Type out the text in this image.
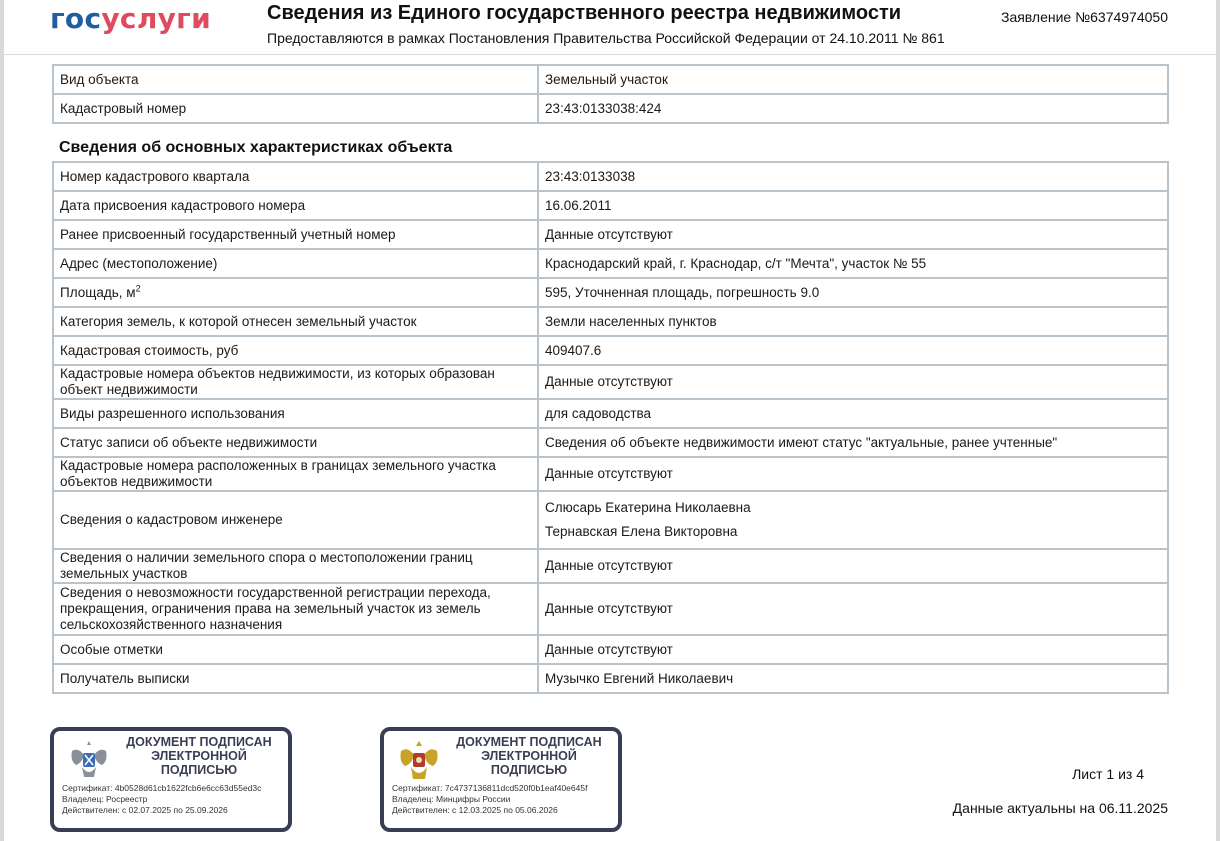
госуслуги	Сведения из Единого государственного реестра недвижимости
Предоставляются в рамках Постановления Правительства Российской Федерации от 24.10.2011 № 861
Заявление №6374974050
Вид объекта	Земельный участок
Кадастровый номер	23:43:0133038:424
Сведения об основных характеристиках объекта
Номер кадастрового квартала	23:43:0133038
Дата присвоения кадастрового номера	16.06.2011
Ранее присвоенный государственный учетный номер	Данные отсутствуют
Адрес (местоположение)	Краснодарский край, г. Краснодар, с/т "Мечта", участок № 55
Площадь, $м^2$	595, Уточненная площадь, погрешность 9.0
Категория земель, к которой отнесен земельный участок	Земли населенных пунктов
Кадастровая стоимость, руб	409407.6
Кадастровые номера объектов недвижимости, из которых образован объект недвижимости	Данные отсутствуют
Виды разрешенного использования	для садоводства
Статус записи об объекте недвижимости	Сведения об объекте недвижимости имеют статус "актуальные, ранее учтенные"
Кадастровые номера расположенных в границах земельного участка объектов недвижимости	Данные отсутствуют
Сведения о кадастровом инженере	Слюсарь Екатерина Николаевна
Тернавская Елена Викторовна

Сведения о наличии земельного спора о местоположении границ земельных участков	Данные отсутствуют
Сведения о невозможности государственной регистрации перехода, прекращения, ограничения права на земельный участок из земель сельскохозяйственного назначения	Данные отсутствуют
Особые отметки	Данные отсутствуют
Получатель выписки	Музычко Евгений Николаевич
ДОКУМЕНТ ПОДПИСАН ЭЛЕКТРОННОЙ ПОДПИСЬЮ
Сертификат: 4b0528d61cb1622fcb6e6cc63d55ed3c
Владелец: Росреестр
Действителен: с 02.07.2025 по 25.09.2026
ДОКУМЕНТ ПОДПИСАН ЭЛЕКТРОННОЙ ПОДПИСЬЮ
Сертификат: 7c4737136811dcd520f0b1eaf40e645f
Владелец: Минцифры России
Действителен: с 12.03.2025 по 05.06.2026
Лист 1 из 4
Данные актуальны на 06.11.2025
